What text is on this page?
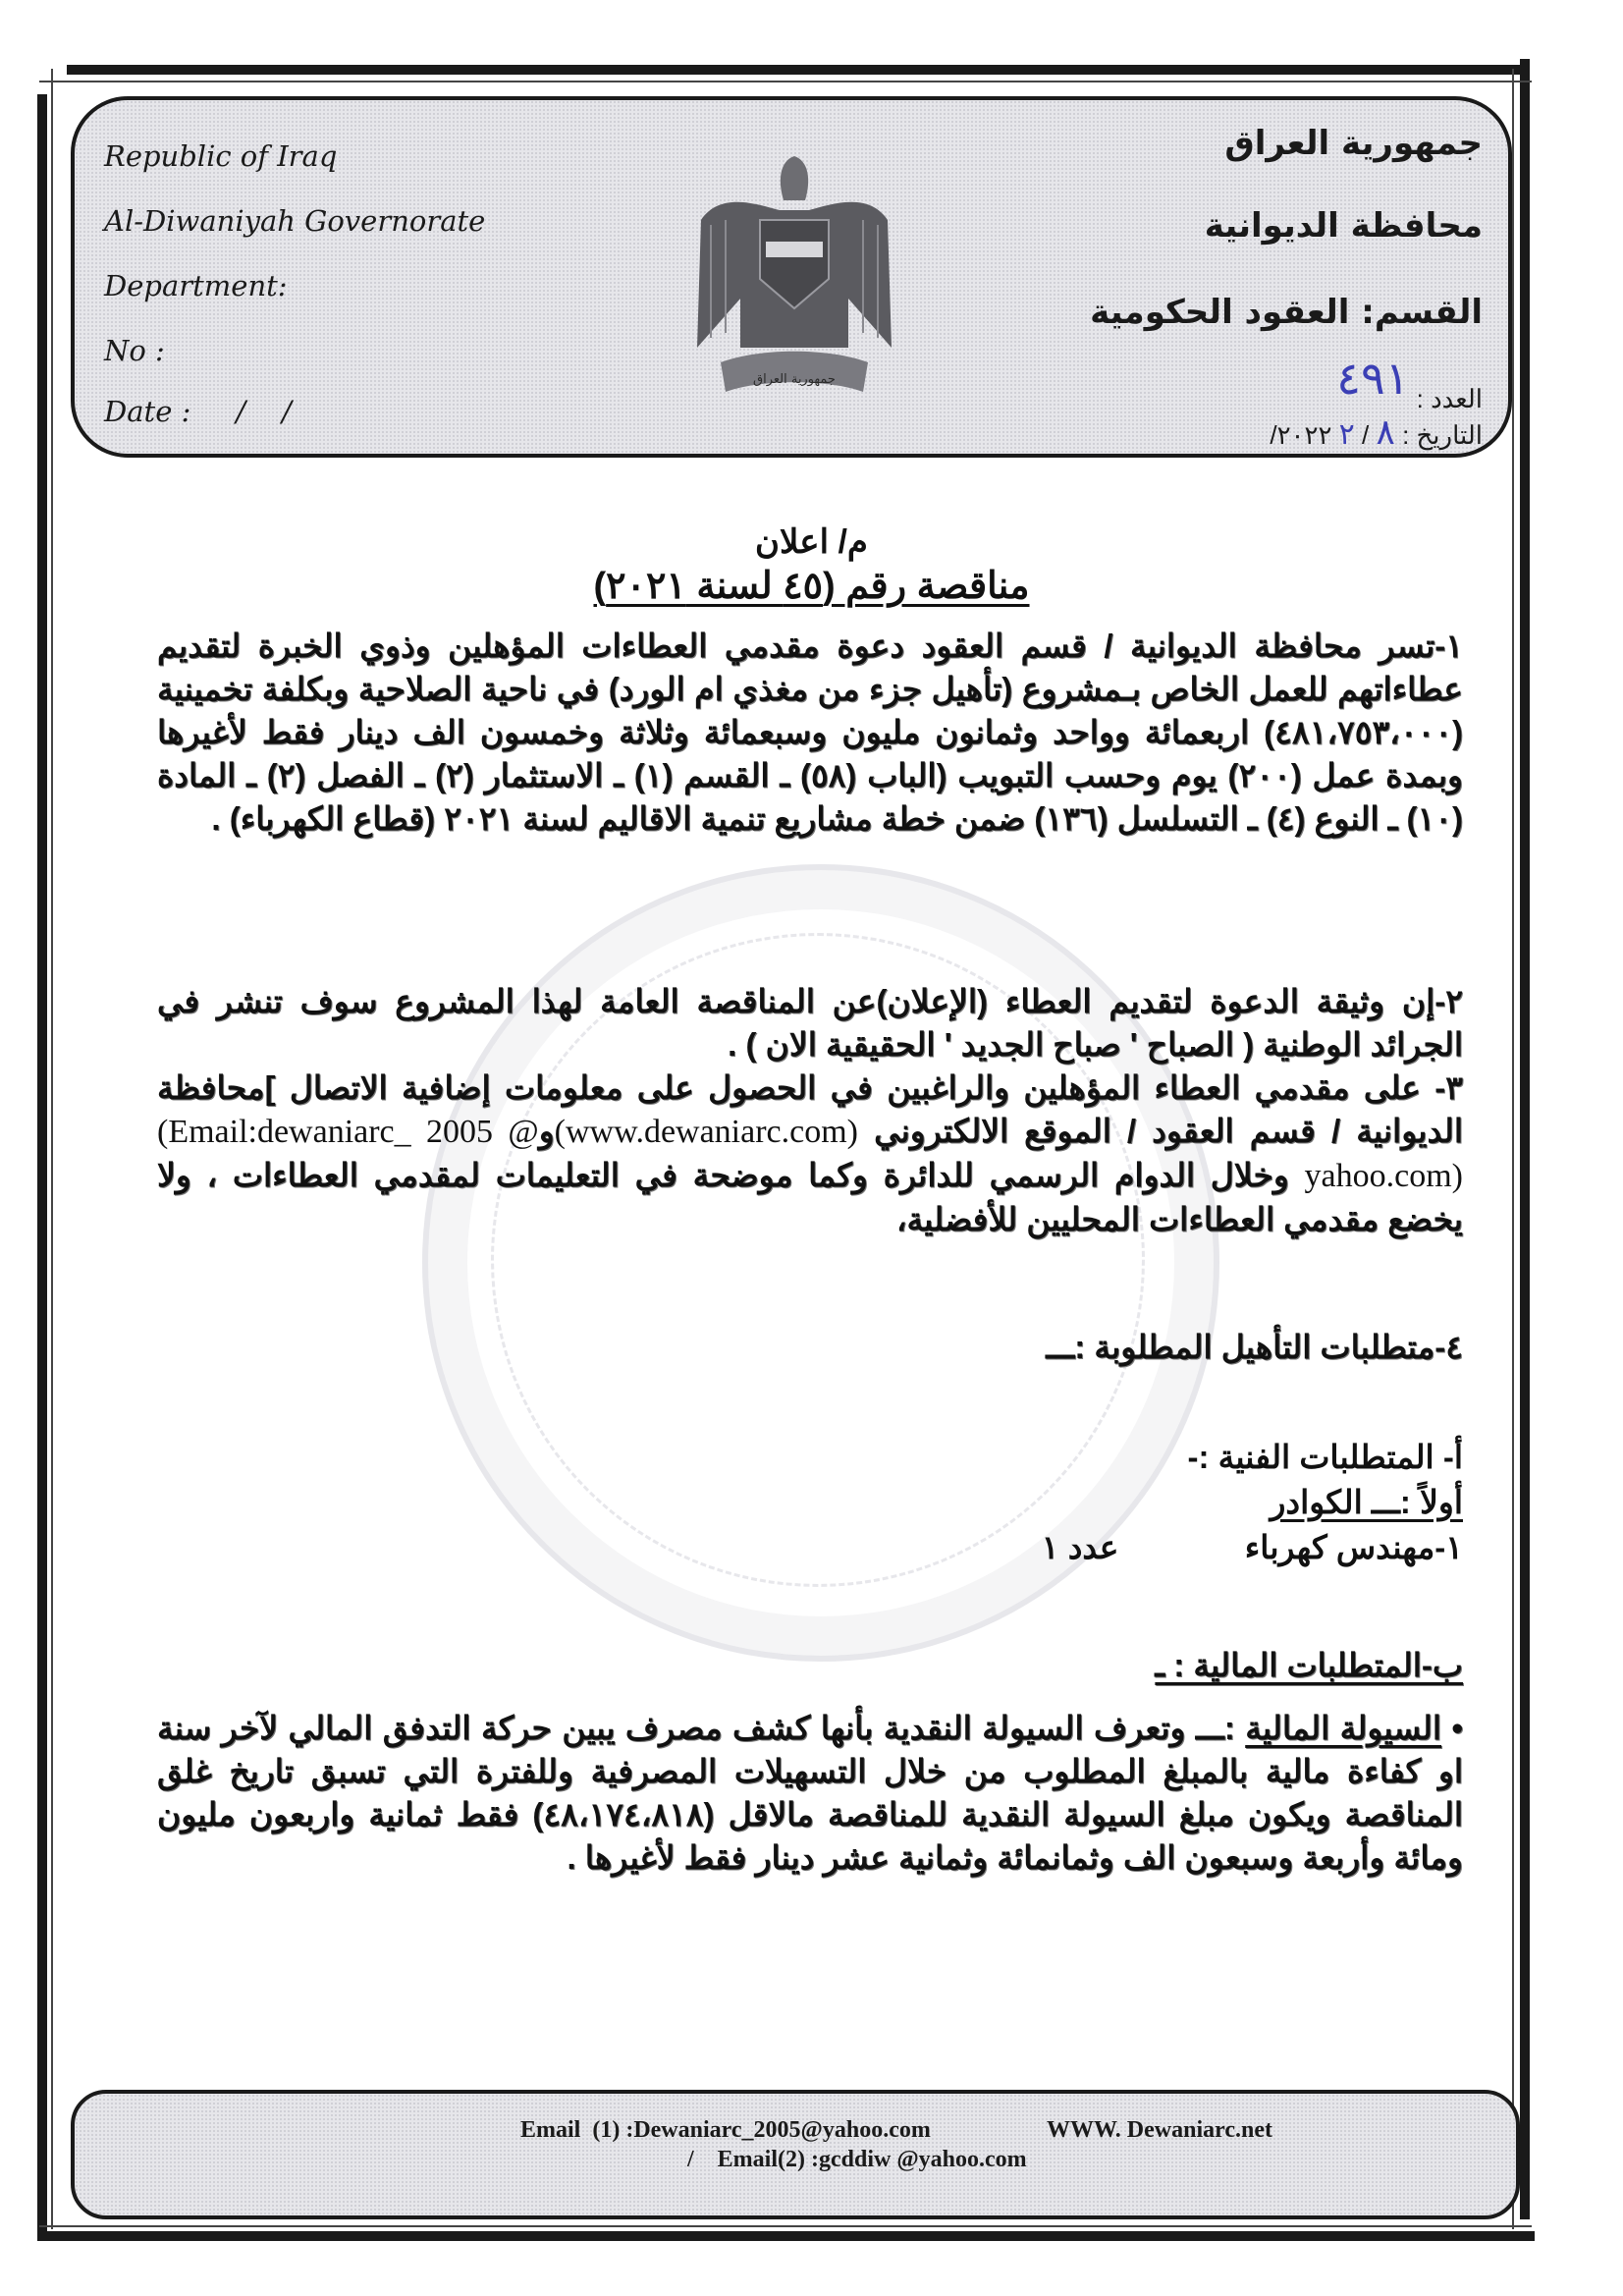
Republic of Iraq
Al-Diwaniyah Governorate
Department:
No :
Date :     /    /
جمهورية العراق
جمهورية العراق
محافظة الديوانية
القسم: العقود الحكومية
العدد : ٤٩١
التاريخ : ٨ / ٢ ٢٠٢٢/
م/ اعلان
مناقصة رقم (٤٥ لسنة ٢٠٢١)
١-تسر محافظة الديوانية / قسم العقود دعوة مقدمي العطاءات المؤهلين وذوي الخبرة لتقديم عطاءاتهم للعمل الخاص بـمشروع (تأهيل جزء من مغذي ام الورد) في ناحية الصلاحية وبكلفة تخمينية (٤٨١،٧٥٣،٠٠٠) اربعمائة وواحد وثمانون مليون وسبعمائة وثلاثة وخمسون الف دينار فقط لأغيرها وبمدة عمل (٢٠٠) يوم وحسب التبويب (الباب (٥٨) ـ القسم (١) ـ الاستثمار (٢) ـ الفصل (٢) ـ المادة (١٠) ـ النوع (٤) ـ التسلسل (١٣٦) ضمن خطة مشاريع تنمية الاقاليم لسنة ٢٠٢١ (قطاع الكهرباء) .
٢-إن وثيقة الدعوة لتقديم العطاء (الإعلان)عن المناقصة العامة لهذا المشروع سوف تنشر في الجرائد الوطنية ( الصباح ' صباح الجديد ' الحقيقية الان ) .
٣- على مقدمي العطاء المؤهلين والراغبين في الحصول على معلومات إضافية الاتصال ]محافظة الديوانية / قسم العقود / الموقع الالكتروني (www.dewaniarc.com)و(Email:dewaniarc_ 2005 @ yahoo.com) وخلال الدوام الرسمي للدائرة وكما موضحة في التعليمات لمقدمي العطاءات ، ولا يخضع مقدمي العطاءات المحليين للأفضلية،
٤-متطلبات التأهيل المطلوبة :ـــ
أ- المتطلبات الفنية :-
أولاً :ـــ الكوادر
١-مهندس كهرباء  عدد ١
ب-المتطلبات المالية : ـ
• السيولة المالية :ـــ وتعرف السيولة النقدية بأنها كشف مصرف يبين حركة التدفق المالي لآخر سنة او كفاءة مالية بالمبلغ المطلوب من خلال التسهيلات المصرفية وللفترة التي تسبق تاريخ غلق المناقصة ويكون مبلغ السيولة النقدية للمناقصة مالاقل (٤٨،١٧٤،٨١٨) فقط ثمانية واربعون مليون ومائة وأربعة وسبعون الف وثمانمائة وثمانية عشر دينار فقط لأغيرها .
Email  (1) :Dewaniarc_2005@yahoo.com	WWW. Dewaniarc.net
/    Email(2) :gcddiw @yahoo.com
